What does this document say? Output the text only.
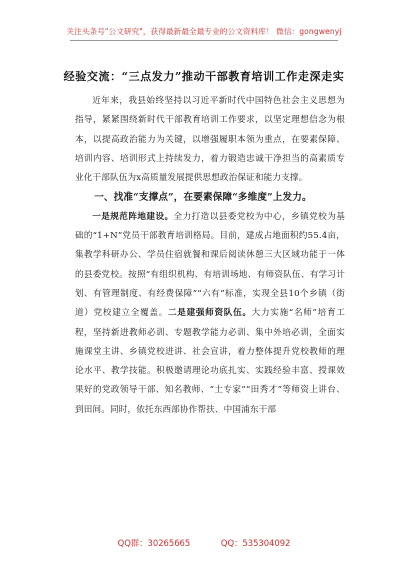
关注头条号"公文研究"，获得最新最全最专业的公文资料库！ 微信：gongwenyj
经验交流：“三点发力”推动干部教育培训工作走深走实

近年来，我县始终坚持以习近平新时代中国特色社会主义思想为指导，紧紧围绕新时代干部教育培训工作要求，以坚定理想信念为根本，以提高政治能力为关键，以增强履职本领为重点，在要素保障、培训内容、培训形式上持续发力，着力锻造忠诚干净担当的高素质专业化干部队伍为x高质量发展提供思想政治保证和能力支撑。

一、找准“支撑点”，在要素保障“多维度”上发力。

一是规范阵地建设。全力打造以县委党校为中心，乡镇党校为基础的“1+N”党员干部教育培训格局。目前，建成占地面积约55.4亩，集教学科研办公、学员住宿就餐和课后阅读休憩三大区域功能于一体的县委党校。按照“有组织机构、有培训场地、有师资队伍、有学习计划、有管理制度、有经费保障”“六有”标准，实现全县10个乡镇（街道）党校建立全覆盖。二是建强师资队伍。大力实施“名师”培育工程，坚持新进教师必训、专题教学能力必训、集中外培必训，全面实施课堂主讲、乡镇党校进讲、社会宣讲，着力整体提升党校教师的理论水平、教学技能。积极邀请理论功底扎实、实践经验丰富、授课效果好的党政领导干部、知名教师、“土专家”“田秀才”等师资上讲台、到田间。同时，依托东西部协作帮扶、中国浦东干部

QQ群：30265665	QQ：535304092
